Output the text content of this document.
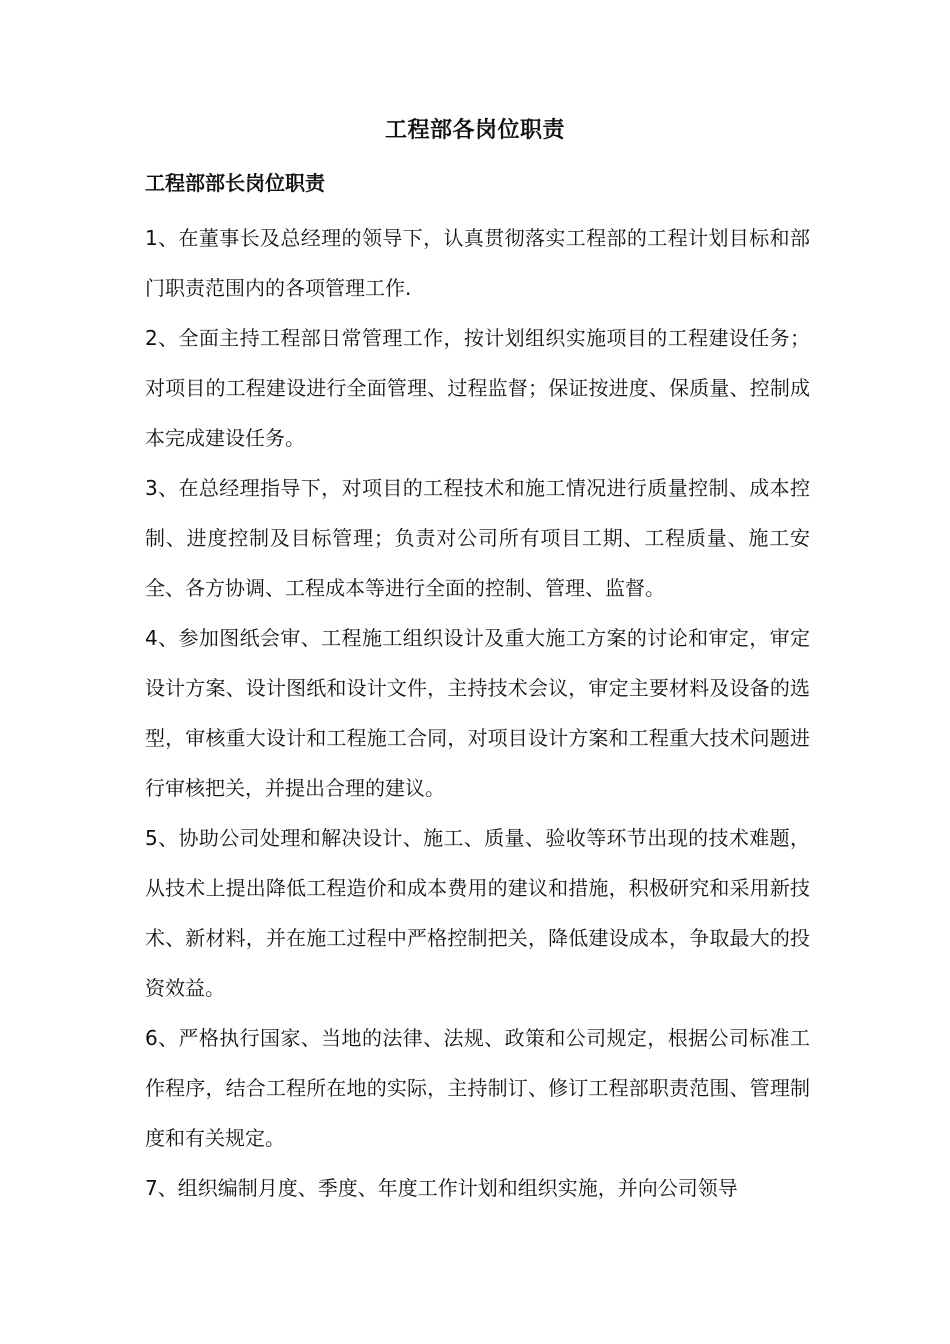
工程部各岗位职责
工程部部长岗位职责

1、在董事长及总经理的领导下，认真贯彻落实工程部的工程计划目标和部门职责范围内的各项管理工作.

2、全面主持工程部日常管理工作，按计划组织实施项目的工程建设任务；对项目的工程建设进行全面管理、过程监督；保证按进度、保质量、控制成本完成建设任务。

3、在总经理指导下，对项目的工程技术和施工情况进行质量控制、成本控制、进度控制及目标管理；负责对公司所有项目工期、工程质量、施工安全、各方协调、工程成本等进行全面的控制、管理、监督。

4、参加图纸会审、工程施工组织设计及重大施工方案的讨论和审定，审定设计方案、设计图纸和设计文件，主持技术会议，审定主要材料及设备的选型，审核重大设计和工程施工合同，对项目设计方案和工程重大技术问题进行审核把关，并提出合理的建议。

5、协助公司处理和解决设计、施工、质量、验收等环节出现的技术难题，从技术上提出降低工程造价和成本费用的建议和措施，积极研究和采用新技术、新材料，并在施工过程中严格控制把关，降低建设成本，争取最大的投资效益。

6、严格执行国家、当地的法律、法规、政策和公司规定，根据公司标准工作程序，结合工程所在地的实际，主持制订、修订工程部职责范围、管理制度和有关规定。

7、组织编制月度、季度、年度工作计划和组织实施，并向公司领导
